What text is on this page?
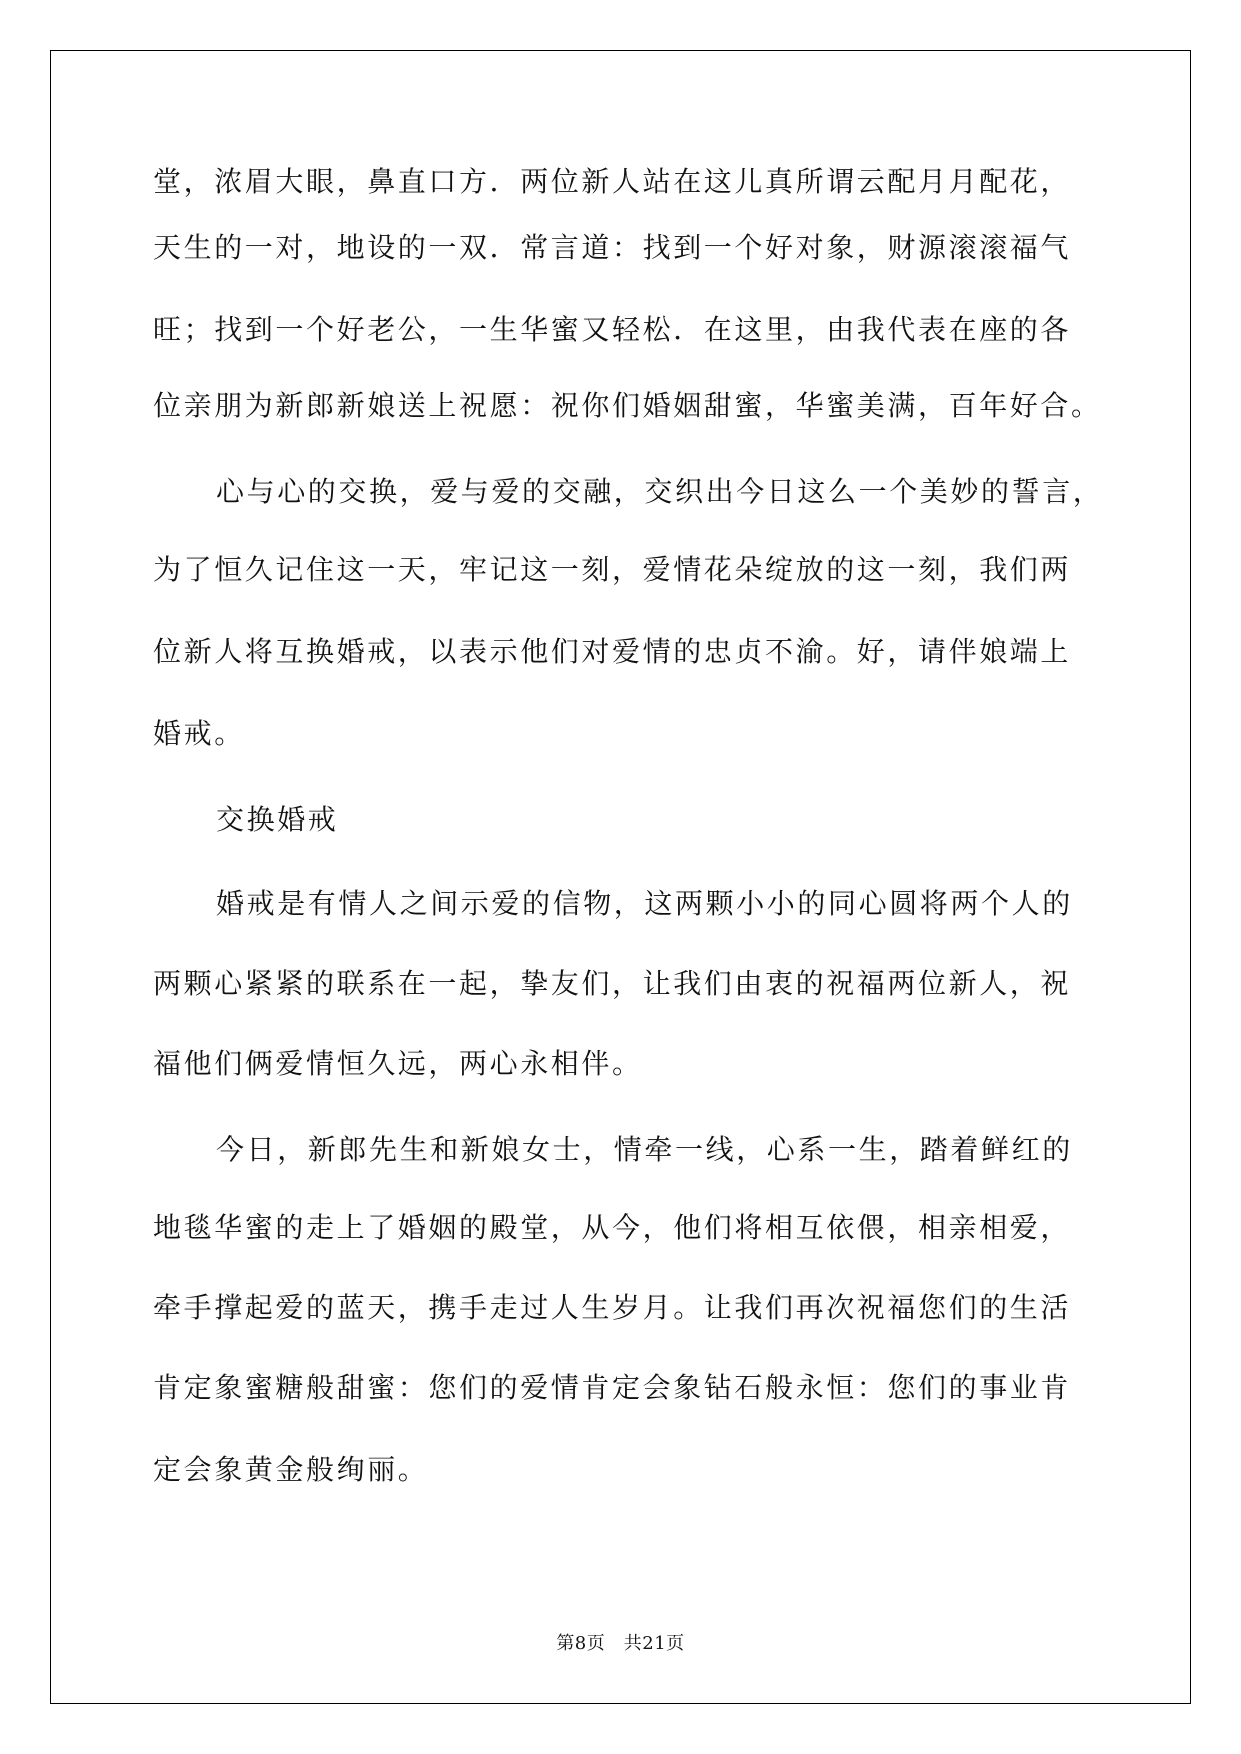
堂，浓眉大眼，鼻直口方．两位新人站在这儿真所谓云配月月配花，
天生的一对，地设的一双．常言道：找到一个好对象，财源滚滚福气
旺；找到一个好老公，一生华蜜又轻松．在这里，由我代表在座的各
位亲朋为新郎新娘送上祝愿：祝你们婚姻甜蜜，华蜜美满，百年好合。
心与心的交换，爱与爱的交融，交织出今日这么一个美妙的誓言，
为了恒久记住这一天，牢记这一刻，爱情花朵绽放的这一刻，我们两
位新人将互换婚戒，以表示他们对爱情的忠贞不渝。好，请伴娘端上
婚戒。
交换婚戒
婚戒是有情人之间示爱的信物，这两颗小小的同心圆将两个人的
两颗心紧紧的联系在一起，挚友们，让我们由衷的祝福两位新人，祝
福他们俩爱情恒久远，两心永相伴。
今日，新郎先生和新娘女士，情牵一线，心系一生，踏着鲜红的
地毯华蜜的走上了婚姻的殿堂，从今，他们将相互依偎，相亲相爱，
牵手撑起爱的蓝天，携手走过人生岁月。让我们再次祝福您们的生活
肯定象蜜糖般甜蜜：您们的爱情肯定会象钻石般永恒：您们的事业肯
定会象黄金般绚丽。
第8页　共21页
